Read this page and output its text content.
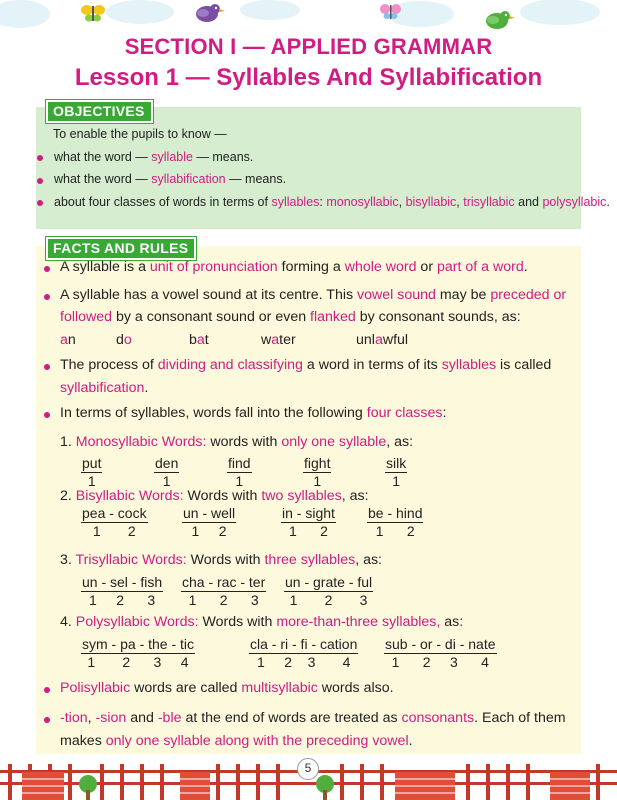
SECTION I — APPLIED GRAMMAR
Lesson 1 — Syllables And Syllabification
OBJECTIVES
To enable the pupils to know —
what the word — syllable — means.
what the word — syllabification — means.
about four classes of words in terms of syllables: monosyllabic, bisyllabic, trisyllabic and polysyllabic.
FACTS AND RULES
A syllable is a unit of pronunciation forming a whole word or part of a word.
A syllable has a vowel sound at its centre. This vowel sound may be preceded or
followed by a consonant sound or even flanked by consonant sounds, as:
an	do	bat	water	unlawful
The process of dividing and classifying a word in terms of its syllables is called
syllabification.
In terms of syllables, words fall into the following four classes:
1. Monosyllabic Words: words with only one syllable, as:
put
1
den
1
find
1
fight
1
silk
1
2. Bisyllabic Words: Words with two syllables, as:
pea - cock
1       2
un - well
1     2
in - sight
1      2
be - hind
1      2
3. Trisyllabic Words: Words with three syllables, as:
un - sel - fish
1     2      3
cha - rac - ter
1      2      3
un - grate - ful
1       2       3
4. Polysyllabic Words: Words with more-than-three syllables, as:
sym - pa - the - tic
1       2      3     4
cla - ri - fi - cation
1     2    3       4
sub - or - di - nate
1      2     3      4
Polisyllabic words are called multisyllabic words also.
-tion, -sion and -ble at the end of words are treated as consonants. Each of them
makes only one syllable along with the preceding vowel.
5
